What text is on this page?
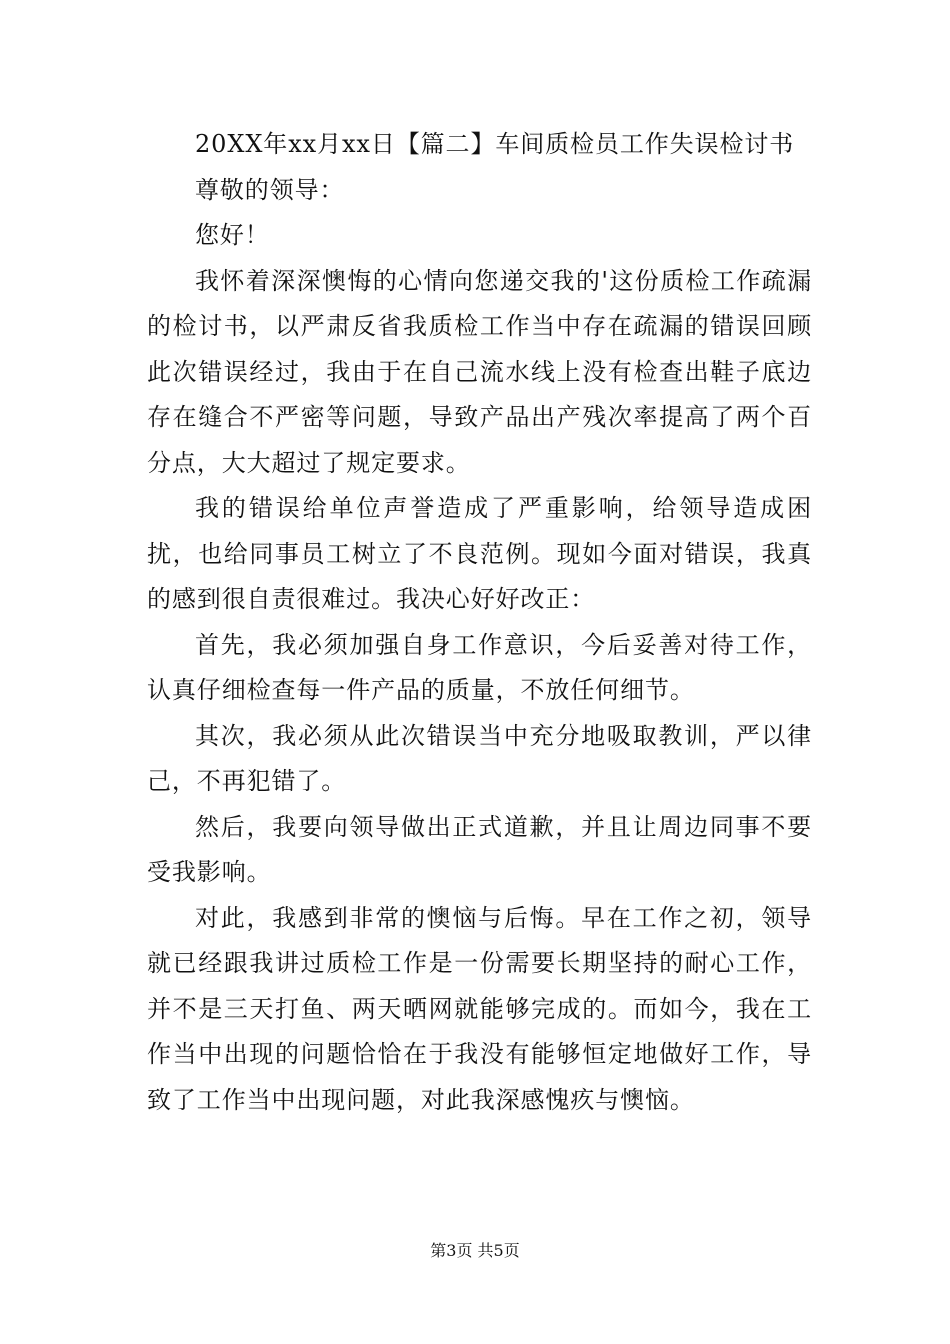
20XX年xx月xx日【篇二】车间质检员工作失误检讨书

尊敬的领导：

您好！

我怀着深深懊悔的心情向您递交我的'这份质检工作疏漏的检讨书，以严肃反省我质检工作当中存在疏漏的错误回顾此次错误经过，我由于在自己流水线上没有检查出鞋子底边存在缝合不严密等问题，导致产品出产残次率提高了两个百分点，大大超过了规定要求。

我的错误给单位声誉造成了严重影响，给领导造成困扰，也给同事员工树立了不良范例。现如今面对错误，我真的感到很自责很难过。我决心好好改正：

首先，我必须加强自身工作意识，今后妥善对待工作，认真仔细检查每一件产品的质量，不放任何细节。

其次，我必须从此次错误当中充分地吸取教训，严以律己，不再犯错了。

然后，我要向领导做出正式道歉，并且让周边同事不要受我影响。

对此，我感到非常的懊恼与后悔。早在工作之初，领导就已经跟我讲过质检工作是一份需要长期坚持的耐心工作，并不是三天打鱼、两天晒网就能够完成的。而如今，我在工作当中出现的问题恰恰在于我没有能够恒定地做好工作，导致了工作当中出现问题，对此我深感愧疚与懊恼。

第3页 共5页
